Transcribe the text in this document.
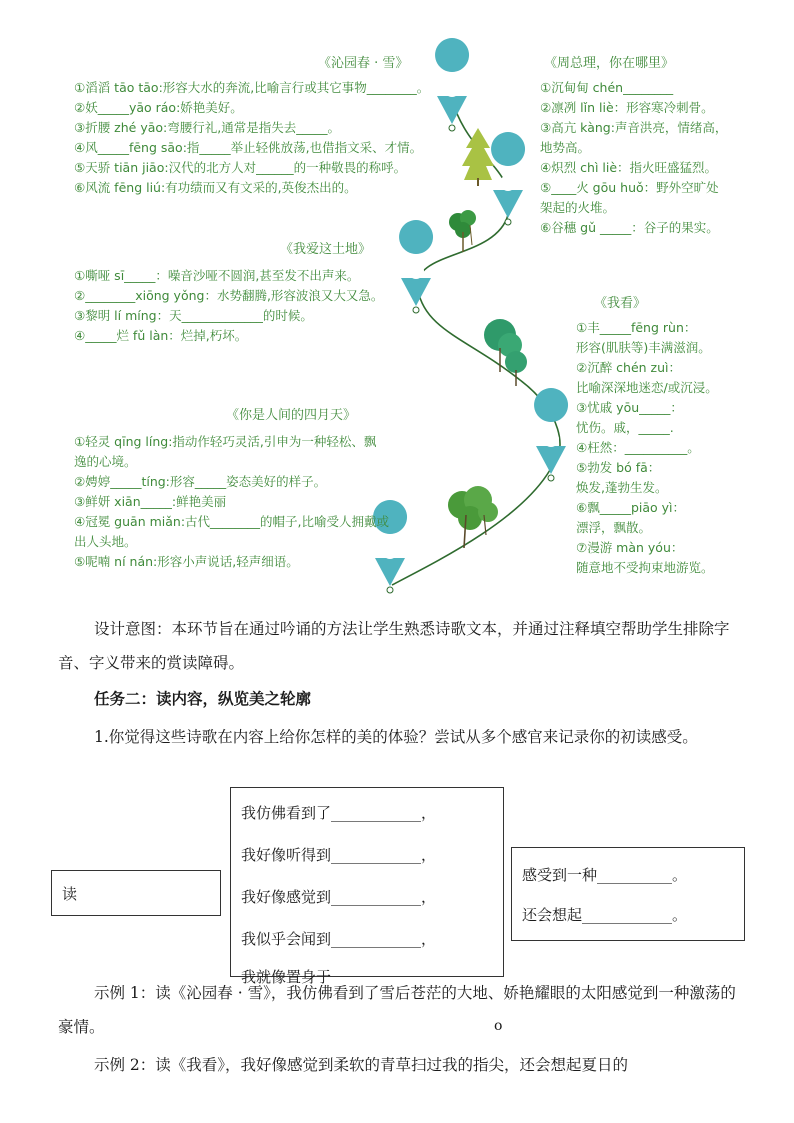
《沁园春 · 雪》
①滔滔 tāo tāo:形容大水的奔流,比喻言行或其它事物________。
②妖_____yāo ráo:娇艳美好。
③折腰 zhé yāo:弯腰行礼,通常是指失去_____。
④风_____fēng sāo:指_____举止轻佻放荡,也借指文采、才情。
⑤天骄 tiān jiāo:汉代的北方人对______的一种敬畏的称呼。
⑥风流 fēng liú:有功绩而又有文采的,英俊杰出的。
《周总理，你在哪里》
①沉甸甸 chén________
②凛冽 lǐn liè：形容寒冷刺骨。
③高亢 kàng:声音洪亮，情绪高，
地势高。
④炽烈 chì liè：指火旺盛猛烈。
⑤____火 gōu huǒ：野外空旷处
架起的火堆。
⑥谷穗 gǔ _____：谷子的果实。
《我爱这土地》
①嘶哑 sī_____：噪音沙哑不圆润,甚至发不出声来。
②________xiōng yǒng：水势翻腾,形容波浪又大又急。
③黎明 lí míng：天_____________的时候。
④_____烂 fǔ làn：烂掉,朽坏。
《我看》
①丰_____fēng rùn：
形容(肌肤等)丰满滋润。
②沉醉 chén zuì：
比喻深深地迷恋/或沉浸。
③忧戚 yōu_____：
忧伤。戚，_____.
④枉然：__________。
⑤勃发 bó fā：
焕发,蓬勃生发。
⑥飘_____piāo yì：
漂浮，飘散。
⑦漫游 màn yóu：
随意地不受拘束地游览。
《你是人间的四月天》
①轻灵 qīng líng:指动作轻巧灵活,引申为一种轻松、飘
逸的心境。
②娉婷_____tíng:形容_____姿态美好的样子。
③鲜妍 xiān_____:鲜艳美丽
④冠冕 guān miǎn:古代________的帽子,比喻受人拥戴或
出人头地。
⑤呢喃 ní nán:形容小声说话,轻声细语。
设计意图：本环节旨在通过吟诵的方法让学生熟悉诗歌文本，并通过注释填空帮助学生排除字音、字义带来的赏读障碍。
任务二：读内容，纵览美之轮廓
1.你觉得这些诗歌在内容上给你怎样的美的体验？尝试从多个感官来记录你的初读感受。
读
我仿佛看到了____________，
我好像听得到____________，
我好像感觉到____________，
我似乎会闻到____________，
我就像置身于
感受到一种__________。
还会想起____________。
示例 1：读《沁园春 · 雪》，我仿佛看到了雪后苍茫的大地、娇艳耀眼的太阳感觉到一种激荡的豪情。	o
示例 2：读《我看》，我好像感觉到柔软的青草扫过我的指尖，还会想起夏日的
